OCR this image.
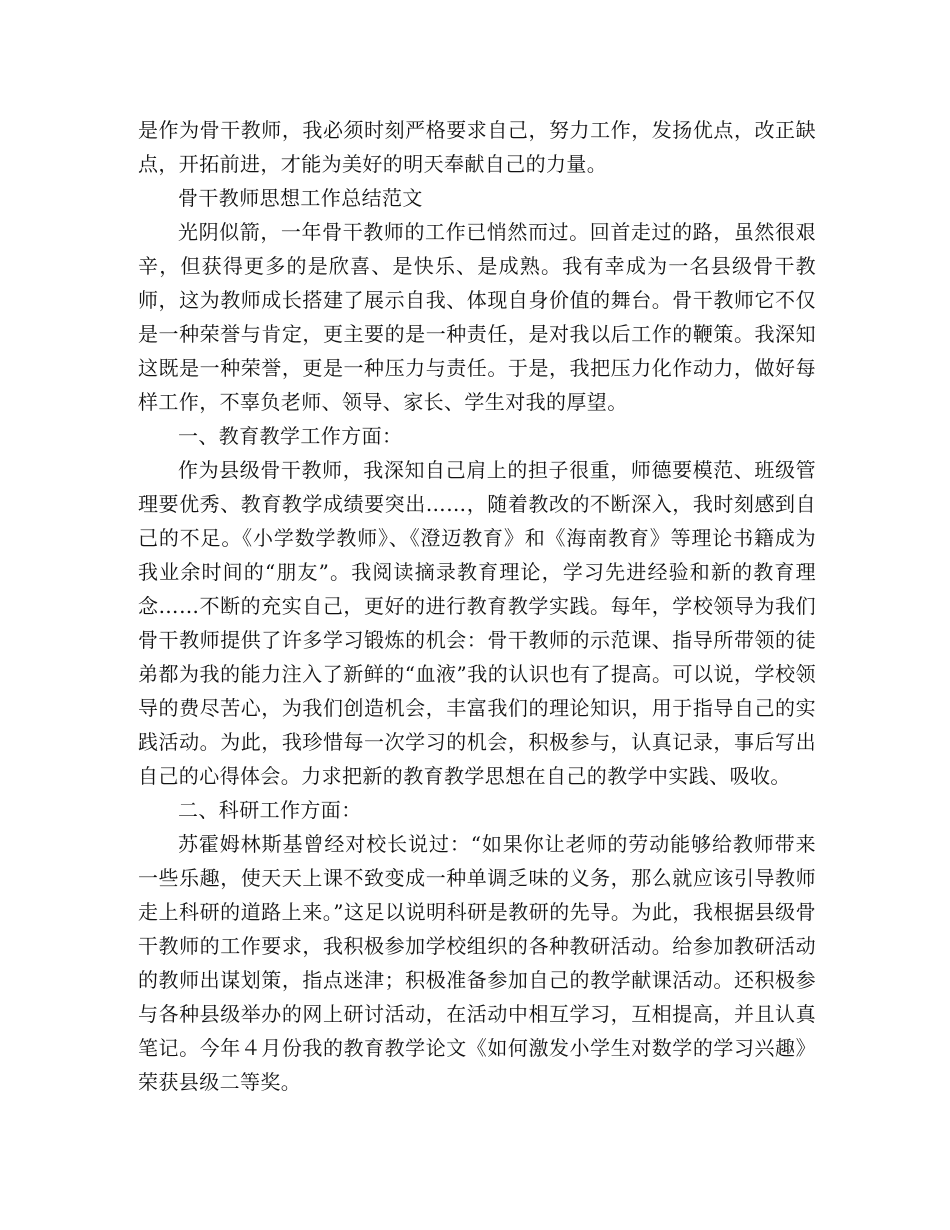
是作为骨干教师，我必须时刻严格要求自己，努力工作，发扬优点，改正缺点，开拓前进，才能为美好的明天奉献自己的力量。

骨干教师思想工作总结范文

光阴似箭，一年骨干教师的工作已悄然而过。回首走过的路，虽然很艰辛，但获得更多的是欣喜、是快乐、是成熟。我有幸成为一名县级骨干教师，这为教师成长搭建了展示自我、体现自身价值的舞台。骨干教师它不仅是一种荣誉与肯定，更主要的是一种责任，是对我以后工作的鞭策。我深知这既是一种荣誉，更是一种压力与责任。于是，我把压力化作动力，做好每样工作，不辜负老师、领导、家长、学生对我的厚望。

一、教育教学工作方面：

作为县级骨干教师，我深知自己肩上的担子很重，师德要模范、班级管理要优秀、教育教学成绩要突出……，随着教改的不断深入，我时刻感到自己的不足。《小学数学教师》、《澄迈教育》和《海南教育》等理论书籍成为我业余时间的“朋友”。我阅读摘录教育理论，学习先进经验和新的教育理念……不断的充实自己，更好的进行教育教学实践。每年，学校领导为我们骨干教师提供了许多学习锻炼的机会：骨干教师的示范课、指导所带领的徒弟都为我的能力注入了新鲜的“血液”我的认识也有了提高。可以说，学校领导的费尽苦心，为我们创造机会，丰富我们的理论知识，用于指导自己的实践活动。为此，我珍惜每一次学习的机会，积极参与，认真记录，事后写出自己的心得体会。力求把新的教育教学思想在自己的教学中实践、吸收。

二、科研工作方面：

苏霍姆林斯基曾经对校长说过：“如果你让老师的劳动能够给教师带来一些乐趣，使天天上课不致变成一种单调乏味的义务，那么就应该引导教师走上科研的道路上来。”这足以说明科研是教研的先导。为此，我根据县级骨干教师的工作要求，我积极参加学校组织的各种教研活动。给参加教研活动的教师出谋划策，指点迷津；积极准备参加自己的教学献课活动。还积极参与各种县级举办的网上研讨活动，在活动中相互学习，互相提高，并且认真笔记。今年４月份我的教育教学论文《如何激发小学生对数学的学习兴趣》荣获县级二等奖。
